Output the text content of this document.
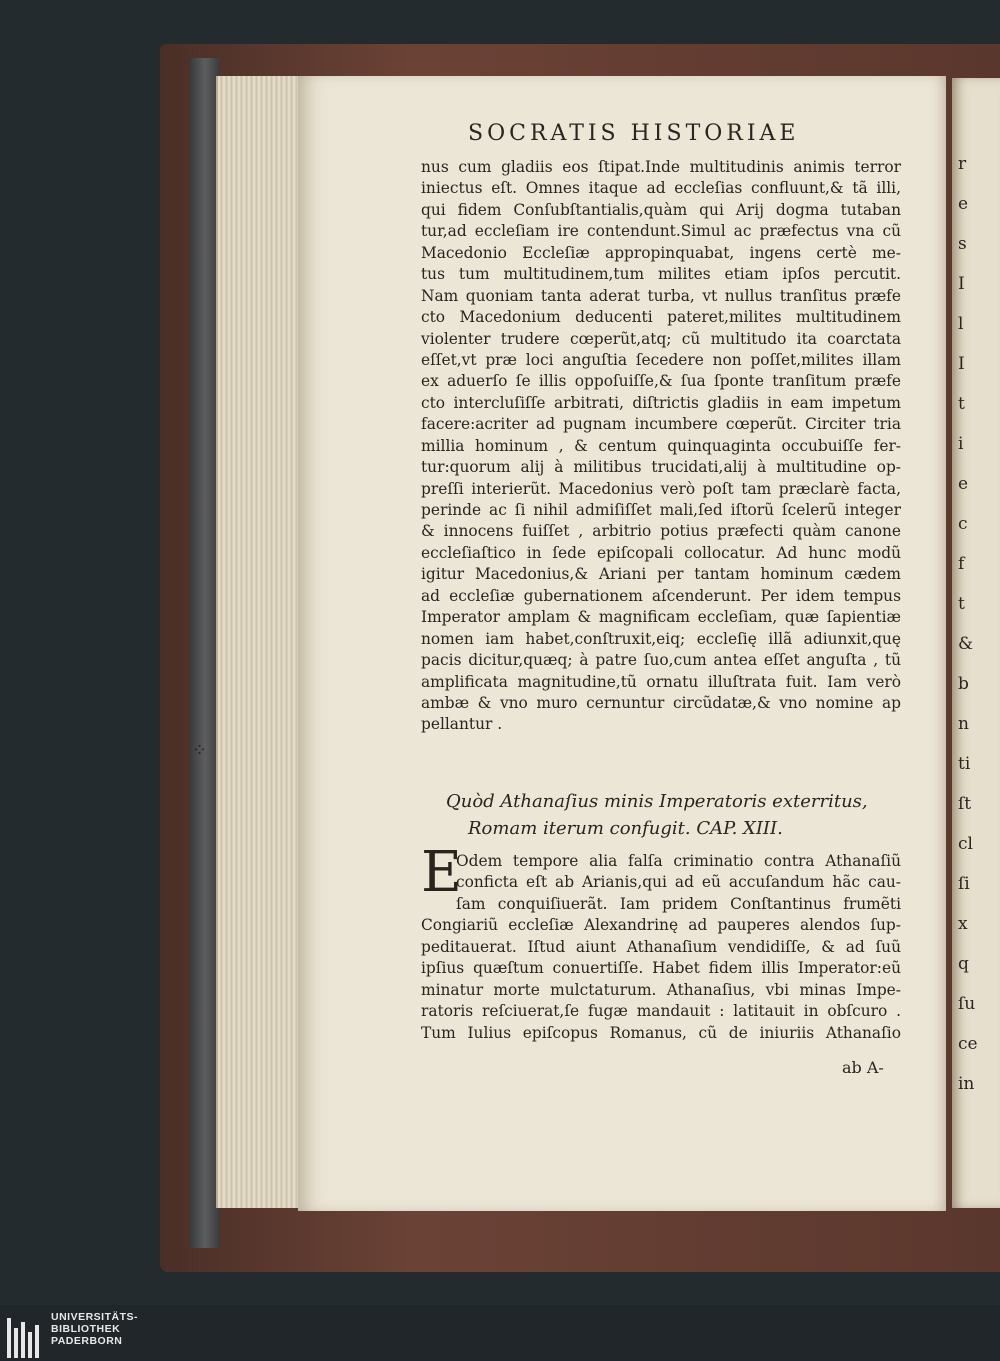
r
e
s
I
l
I
t
i
e
c
f
t
&
b
n
ti
ſt
cl
ſi
x
q
ſu
ce
in
SOCRATIS HISTORIAE
nus cum gladiis eos ſtipat.Inde multitudinis animis terror
iniectus eſt. Omnes itaque ad eccleſias confluunt,& tã illi,
qui fidem Conſubſtantialis,quàm qui Arij dogma tutaban
tur,ad eccleſiam ire contendunt.Simul ac præfectus vna cũ
Macedonio Eccleſiæ appropinquabat, ingens certè me-
tus tum multitudinem,tum milites etiam ipſos percutit.
Nam quoniam tanta aderat turba, vt nullus tranſitus præfe
cto Macedonium deducenti pateret,milites multitudinem
violenter trudere cœperũt,atq; cũ multitudo ita coarctata
eſſet,vt præ loci anguſtia ſecedere non poſſet,milites illam
ex aduerſo ſe illis oppoſuiſſe,& ſua ſponte tranſitum præfe
cto intercluſiſſe arbitrati, diſtrictis gladiis in eam impetum
facere:acriter ad pugnam incumbere cœperũt. Circiter tria
millia hominum , & centum quinquaginta occubuiſſe fer-
tur:quorum alij à militibus trucidati,alij à multitudine op-
preſſi interierũt. Macedonius verò poſt tam præclarè facta,
perinde ac ſi nihil admiſiſſet mali,ſed iſtorũ ſcelerũ integer
& innocens fuiſſet , arbitrio potius præfecti quàm canone
eccleſiaſtico in ſede epiſcopali collocatur. Ad hunc modũ
igitur Macedonius,& Ariani per tantam hominum cædem
ad eccleſiæ gubernationem aſcenderunt. Per idem tempus
Imperator amplam & magnificam eccleſiam, quæ ſapientiæ
nomen iam habet,conſtruxit,eiq; eccleſię illã adiunxit,quę
pacis dicitur,quæq; à patre ſuo,cum antea eſſet anguſta , tũ
amplificata magnitudine,tũ ornatu illuſtrata fuit. Iam verò
ambæ & vno muro cernuntur circũdatæ,& vno nomine ap
pellantur .
Quòd Athanaſius minis Imperatoris exterritus,
Romam iterum confugit. CAP. XIII.
E
Odem tempore alia falſa criminatio contra Athanaſiũ
conficta eſt ab Arianis,qui ad eũ accuſandum hãc cau-
ſam conquiſiuerãt. Iam pridem Conſtantinus frumẽti
Congiariũ eccleſiæ Alexandrinę ad pauperes alendos ſup-
peditauerat. Iſtud aiunt Athanaſium vendidiſſe, & ad ſuũ
ipſius quæſtum conuertiſſe. Habet fidem illis Imperator:eũ
minatur morte mulctaturum. Athanaſius, vbi minas Impe-
ratoris reſciuerat,ſe fugæ mandauit : latitauit in obſcuro .
Tum Iulius epiſcopus Romanus, cũ de iniuriis Athanaſio
ab A-
⁘
UNIVERSITÄTS-
BIBLIOTHEK
PADERBORN
